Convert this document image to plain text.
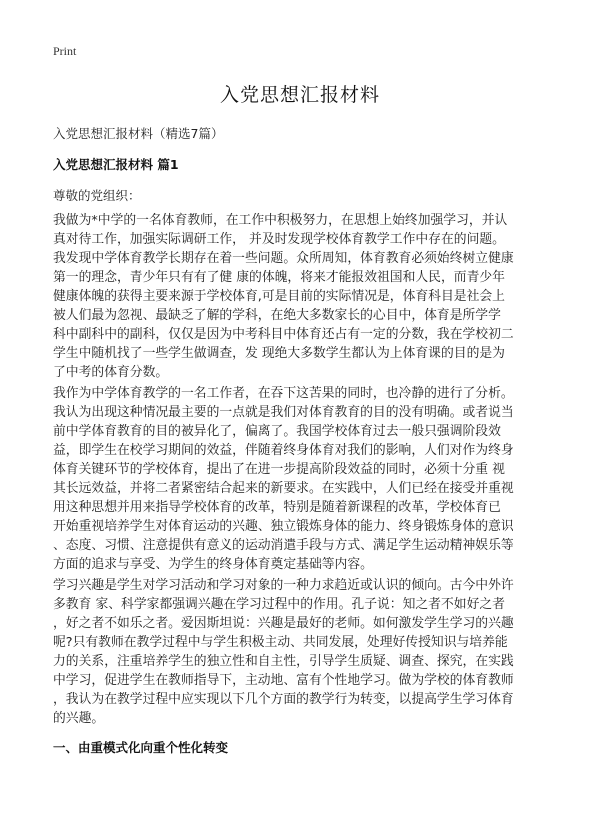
Print
入党思想汇报材料
入党思想汇报材料（精选7篇）
入党思想汇报材料 篇1
尊敬的党组织：
我做为*中学的一名体育教师，在工作中积极努力，在思想上始终加强学习，并认
真对待工作，加强实际调研工作， 并及时发现学校体育教学工作中存在的问题。
我发现中学体育教学长期存在着一些问题。众所周知，体育教育必须始终树立健康
第一的理念，青少年只有有了健 康的体魄，将来才能报效祖国和人民，而青少年
健康体魄的获得主要来源于学校体育,可是目前的实际情况是，体育科目是社会上
被人们最为忽视、最缺乏了解的学科，在绝大多数家长的心目中，体育是所学学
科中副科中的副科，仅仅是因为中考科目中体育还占有一定的分数，我在学校初二
学生中随机找了一些学生做调查，发 现绝大多数学生都认为上体育课的目的是为
了中考的体育分数。
我作为中学体育教学的一名工作者，在吞下这苦果的同时，也冷静的进行了分析。
我认为出现这种情况最主要的一点就是我们对体育教育的目的没有明确。或者说当
前中学体育教育的目的被异化了，偏离了。我国学校体育过去一般只强调阶段效
益，即学生在校学习期间的效益，伴随着终身体育对我们的影响，人们对作为终身
体育关键环节的学校体育，提出了在进一步提高阶段效益的同时，必须十分重 视
其长远效益，并将二者紧密结合起来的新要求。在实践中，人们已经在接受并重视
用这种思想并用来指导学校体育的改革，特别是随着新课程的改革，学校体育已
开始重视培养学生对体育运动的兴趣、独立锻炼身体的能力、终身锻炼身体的意识
、态度、习惯、注意提供有意义的运动消遣手段与方式、满足学生运动精神娱乐等
方面的追求与享受、为学生的终身体育奠定基础等内容。
学习兴趣是学生对学习活动和学习对象的一种力求趋近或认识的倾向。古今中外许
多教育 家、科学家都强调兴趣在学习过程中的作用。孔子说：知之者不如好之者
，好之者不如乐之者。爱因斯坦说：兴趣是最好的老师。如何激发学生学习的兴趣
呢?只有教师在教学过程中与学生积极主动、共同发展，处理好传授知识与培养能
力的关系，注重培养学生的独立性和自主性，引导学生质疑、调查、探究，在实践
中学习，促进学生在教师指导下，主动地、富有个性地学习。做为学校的体育教师
，我认为在教学过程中应实现以下几个方面的教学行为转变，以提高学生学习体育
的兴趣。
一、由重模式化向重个性化转变
